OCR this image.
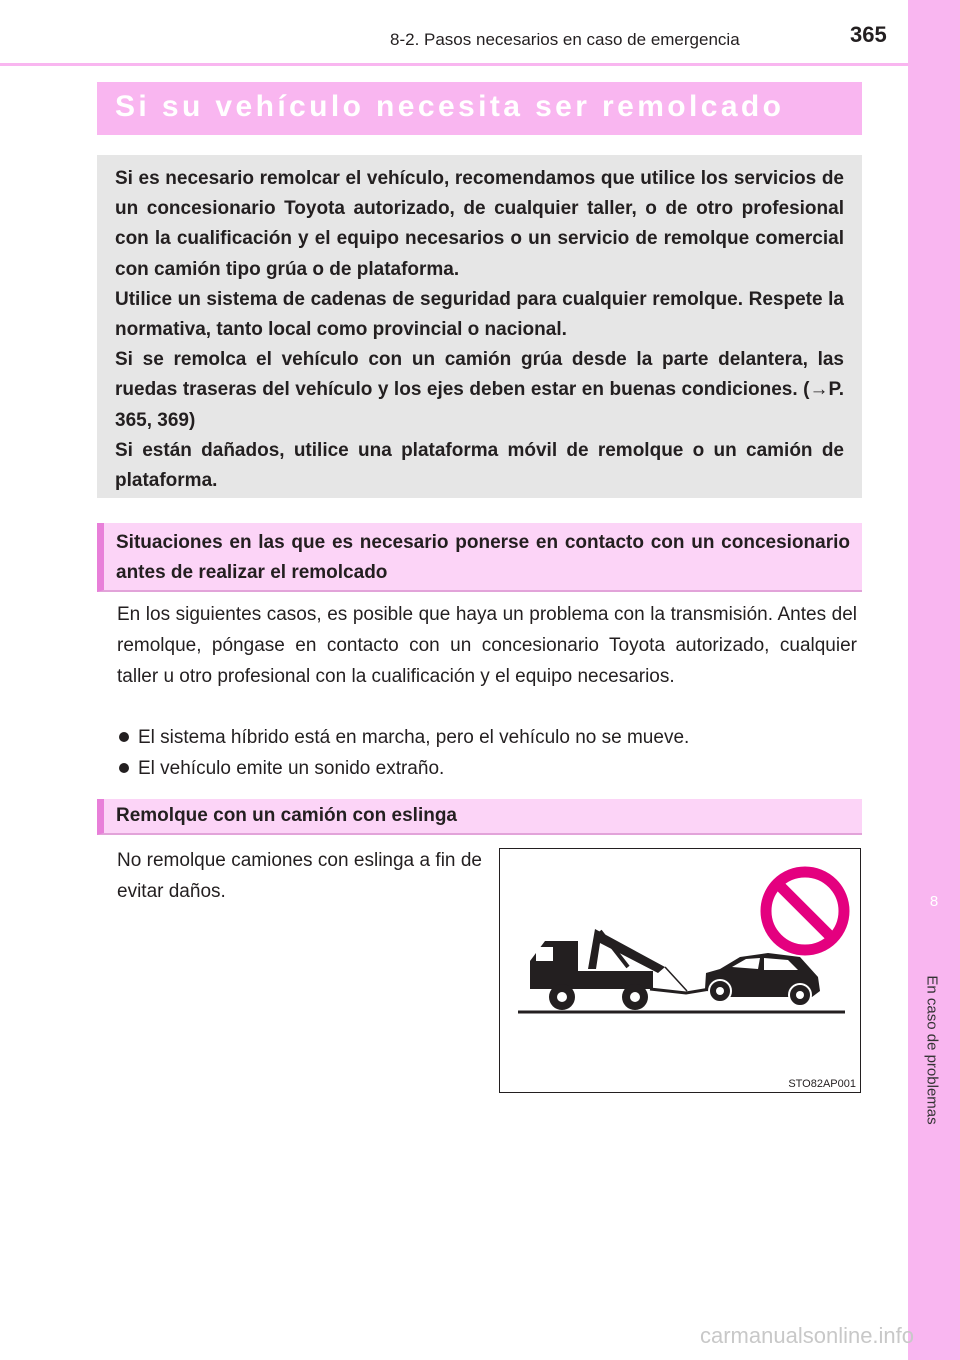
8
En caso de problemas
8-2. Pasos necesarios en caso de emergencia	365
Si su vehículo necesita ser remolcado

Si es necesario remolcar el vehículo, recomendamos que utilice los servicios de un concesionario Toyota autorizado, de cualquier taller, o de otro profesional con la cualificación y el equipo necesarios o un servicio de remolque comercial con camión tipo grúa o de plataforma.

Utilice un sistema de cadenas de seguridad para cualquier remolque. Respete la normativa, tanto local como provincial o nacional.

Si se remolca el vehículo con un camión grúa desde la parte delantera, las ruedas traseras del vehículo y los ejes deben estar en buenas condiciones. (→P. 365, 369)

Si están dañados, utilice una plataforma móvil de remolque o un camión de plataforma.

Situaciones en las que es necesario ponerse en contacto con un concesionario antes de realizar el remolcado

En los siguientes casos, es posible que haya un problema con la transmisión. Antes del remolque, póngase en contacto con un concesionario Toyota autorizado, cualquier taller u otro profesional con la cualificación y el equipo necesarios.

El sistema híbrido está en marcha, pero el vehículo no se mueve.

El vehículo emite un sonido extraño.

Remolque con un camión con eslinga

No remolque camiones con eslinga a fin de evitar daños.

STO82AP001
carmanualsonline.info
